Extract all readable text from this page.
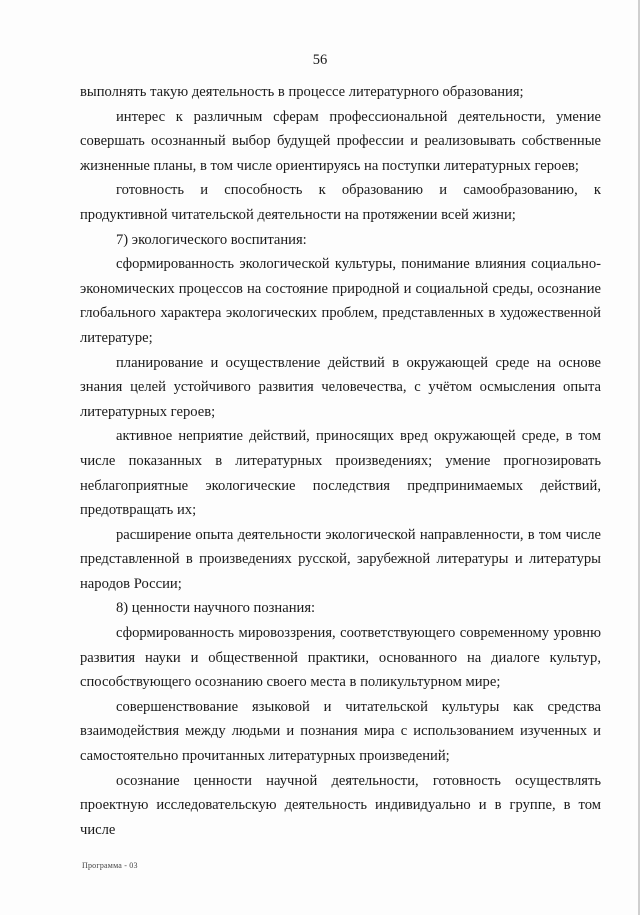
56

выполнять такую деятельность в процессе литературного образования;

интерес к различным сферам профессиональной деятельности, умение совершать осознанный выбор будущей профессии и реализовывать собственные жизненные планы, в том числе ориентируясь на поступки литературных героев;

готовность и способность к образованию и самообразованию, к продуктивной читательской деятельности на протяжении всей жизни;

7) экологического воспитания:

сформированность экологической культуры, понимание влияния социально-экономических процессов на состояние природной и социальной среды, осознание глобального характера экологических проблем, представленных в художественной литературе;

планирование и осуществление действий в окружающей среде на основе знания целей устойчивого развития человечества, с учётом осмысления опыта литературных героев;

активное неприятие действий, приносящих вред окружающей среде, в том числе показанных в литературных произведениях; умение прогнозировать неблагоприятные экологические последствия предпринимаемых действий, предотвращать их;

расширение опыта деятельности экологической направленности, в том числе представленной в произведениях русской, зарубежной литературы и литературы народов России;

8) ценности научного познания:

сформированность мировоззрения, соответствующего современному уровню развития науки и общественной практики, основанного на диалоге культур, способствующего осознанию своего места в поликультурном мире;

совершенствование языковой и читательской культуры как средства взаимодействия между людьми и познания мира с использованием изученных и самостоятельно прочитанных литературных произведений;

осознание ценности научной деятельности, готовность осуществлять проектную исследовательскую деятельность индивидуально и в группе, в том числе

Программа - 03
